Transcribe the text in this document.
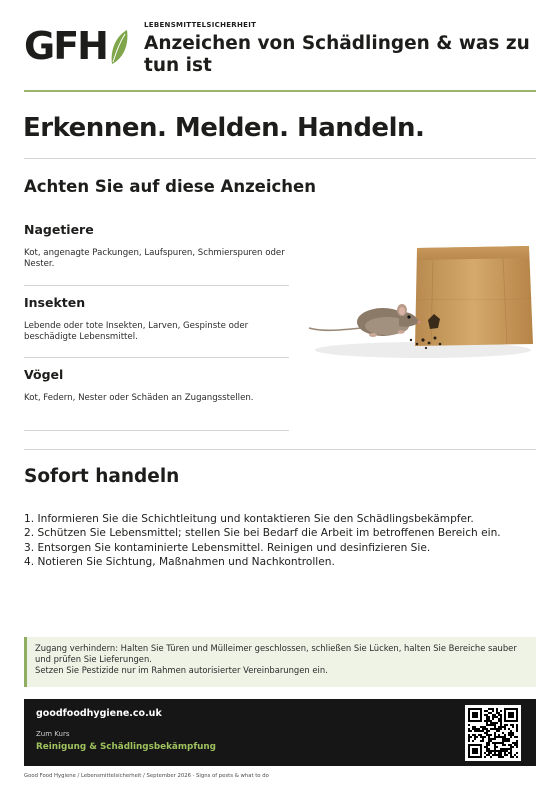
GFH	LEBENSMITTELSICHERHEIT
Anzeichen von Schädlingen & was zu tun ist
Erkennen. Melden. Handeln.
Achten Sie auf diese Anzeichen
Nagetiere
Kot, angenagte Packungen, Laufspuren, Schmierspuren oder Nester.
Insekten
Lebende oder tote Insekten, Larven, Gespinste oder beschädigte Lebensmittel.
Vögel
Kot, Federn, Nester oder Schäden an Zugangsstellen.
Sofort handeln
1. Informieren Sie die Schichtleitung und kontaktieren Sie den Schädlingsbekämpfer.
2. Schützen Sie Lebensmittel; stellen Sie bei Bedarf die Arbeit im betroffenen Bereich ein.
3. Entsorgen Sie kontaminierte Lebensmittel. Reinigen und desinfizieren Sie.
4. Notieren Sie Sichtung, Maßnahmen und Nachkontrollen.

Zugang verhindern: Halten Sie Türen und Mülleimer geschlossen, schließen Sie Lücken, halten Sie Bereiche sauber und prüfen Sie Lieferungen.

Setzen Sie Pestizide nur im Rahmen autorisierter Vereinbarungen ein.

goodfoodhygiene.co.uk
Zum Kurs
Reinigung & Schädlingsbekämpfung
Good Food Hygiene / Lebensmittelsicherheit / September 2026 · Signs of pests & what to do
